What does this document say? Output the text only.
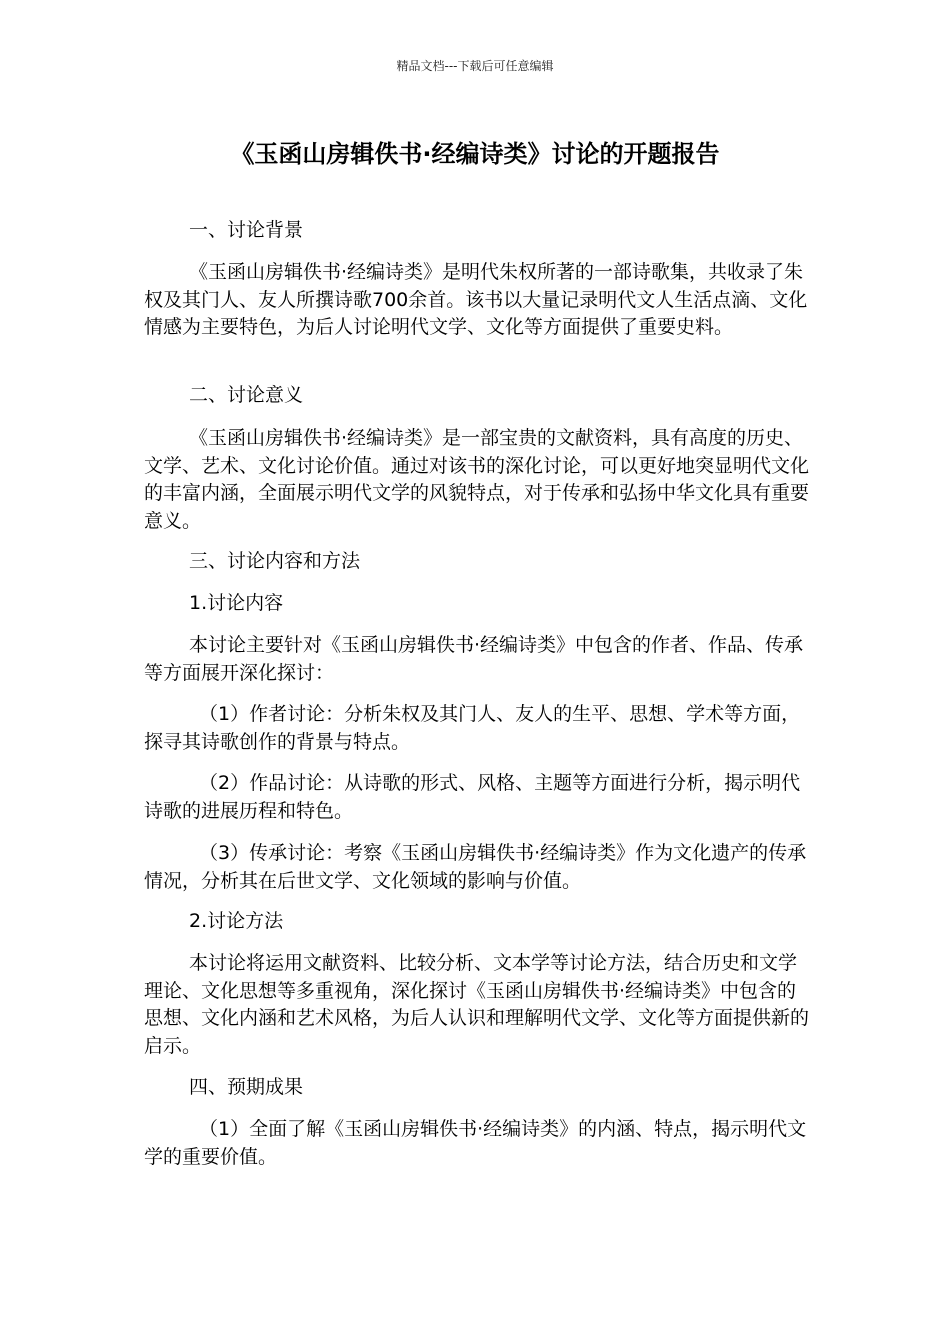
精品文档---下载后可任意编辑
《玉函山房辑佚书·经编诗类》讨论的开题报告

一、讨论背景

《玉函山房辑佚书·经编诗类》是明代朱权所著的一部诗歌集，共收录了朱权及其门人、友人所撰诗歌700余首。该书以大量记录明代文人生活点滴、文化情感为主要特色，为后人讨论明代文学、文化等方面提供了重要史料。

二、讨论意义

《玉函山房辑佚书·经编诗类》是一部宝贵的文献资料，具有高度的历史、文学、艺术、文化讨论价值。通过对该书的深化讨论，可以更好地突显明代文化的丰富内涵，全面展示明代文学的风貌特点，对于传承和弘扬中华文化具有重要意义。

三、讨论内容和方法

1.讨论内容

本讨论主要针对《玉函山房辑佚书·经编诗类》中包含的作者、作品、传承等方面展开深化探讨：

（1）作者讨论：分析朱权及其门人、友人的生平、思想、学术等方面，探寻其诗歌创作的背景与特点。

（2）作品讨论：从诗歌的形式、风格、主题等方面进行分析，揭示明代诗歌的进展历程和特色。

（3）传承讨论：考察《玉函山房辑佚书·经编诗类》作为文化遗产的传承情况，分析其在后世文学、文化领域的影响与价值。

2.讨论方法

本讨论将运用文献资料、比较分析、文本学等讨论方法，结合历史和文学理论、文化思想等多重视角，深化探讨《玉函山房辑佚书·经编诗类》中包含的思想、文化内涵和艺术风格，为后人认识和理解明代文学、文化等方面提供新的启示。

四、预期成果

（1）全面了解《玉函山房辑佚书·经编诗类》的内涵、特点，揭示明代文学的重要价值。
